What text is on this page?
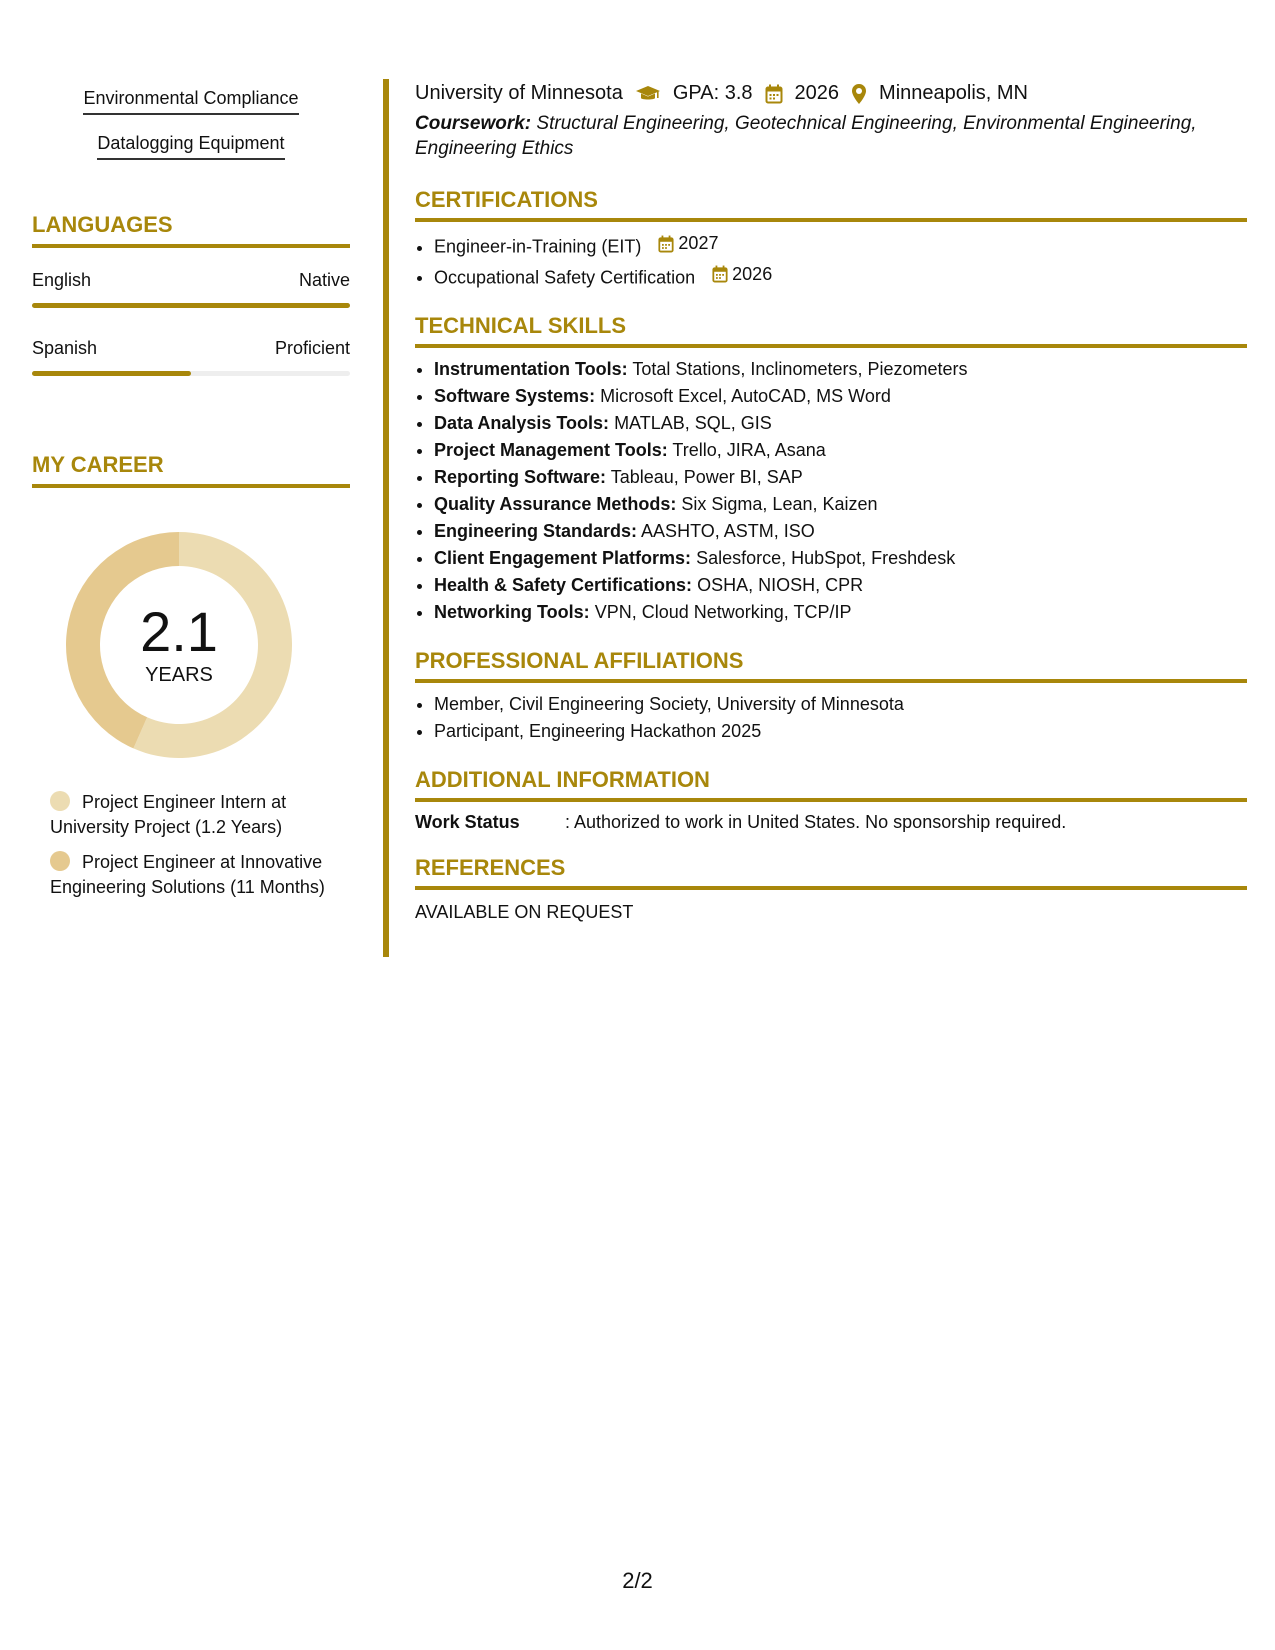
Environmental Compliance
Datalogging Equipment
LANGUAGES
English	Native
Spanish	Proficient
MY CAREER
2.1
YEARS
Project Engineer Intern at University Project (1.2 Years)
Project Engineer at Innovative Engineering Solutions (11 Months)
University of Minnesota	GPA: 3.8 2026 Minneapolis, MN
Coursework: Structural Engineering, Geotechnical Engineering, Environmental Engineering, Engineering Ethics
CERTIFICATIONS
• Engineer-in-Training (EIT) 2027
• Occupational Safety Certification 2026
TECHNICAL SKILLS
• Instrumentation Tools: Total Stations, Inclinometers, Piezometers
• Software Systems: Microsoft Excel, AutoCAD, MS Word
• Data Analysis Tools: MATLAB, SQL, GIS
• Project Management Tools: Trello, JIRA, Asana
• Reporting Software: Tableau, Power BI, SAP
• Quality Assurance Methods: Six Sigma, Lean, Kaizen
• Engineering Standards: AASHTO, ASTM, ISO
• Client Engagement Platforms: Salesforce, HubSpot, Freshdesk
• Health & Safety Certifications: OSHA, NIOSH, CPR
• Networking Tools: VPN, Cloud Networking, TCP/IP
PROFESSIONAL AFFILIATIONS
• Member, Civil Engineering Society, University of Minnesota
• Participant, Engineering Hackathon 2025
ADDITIONAL INFORMATION
Work Status	: Authorized to work in United States. No sponsorship required.
REFERENCES
AVAILABLE ON REQUEST
2/2
